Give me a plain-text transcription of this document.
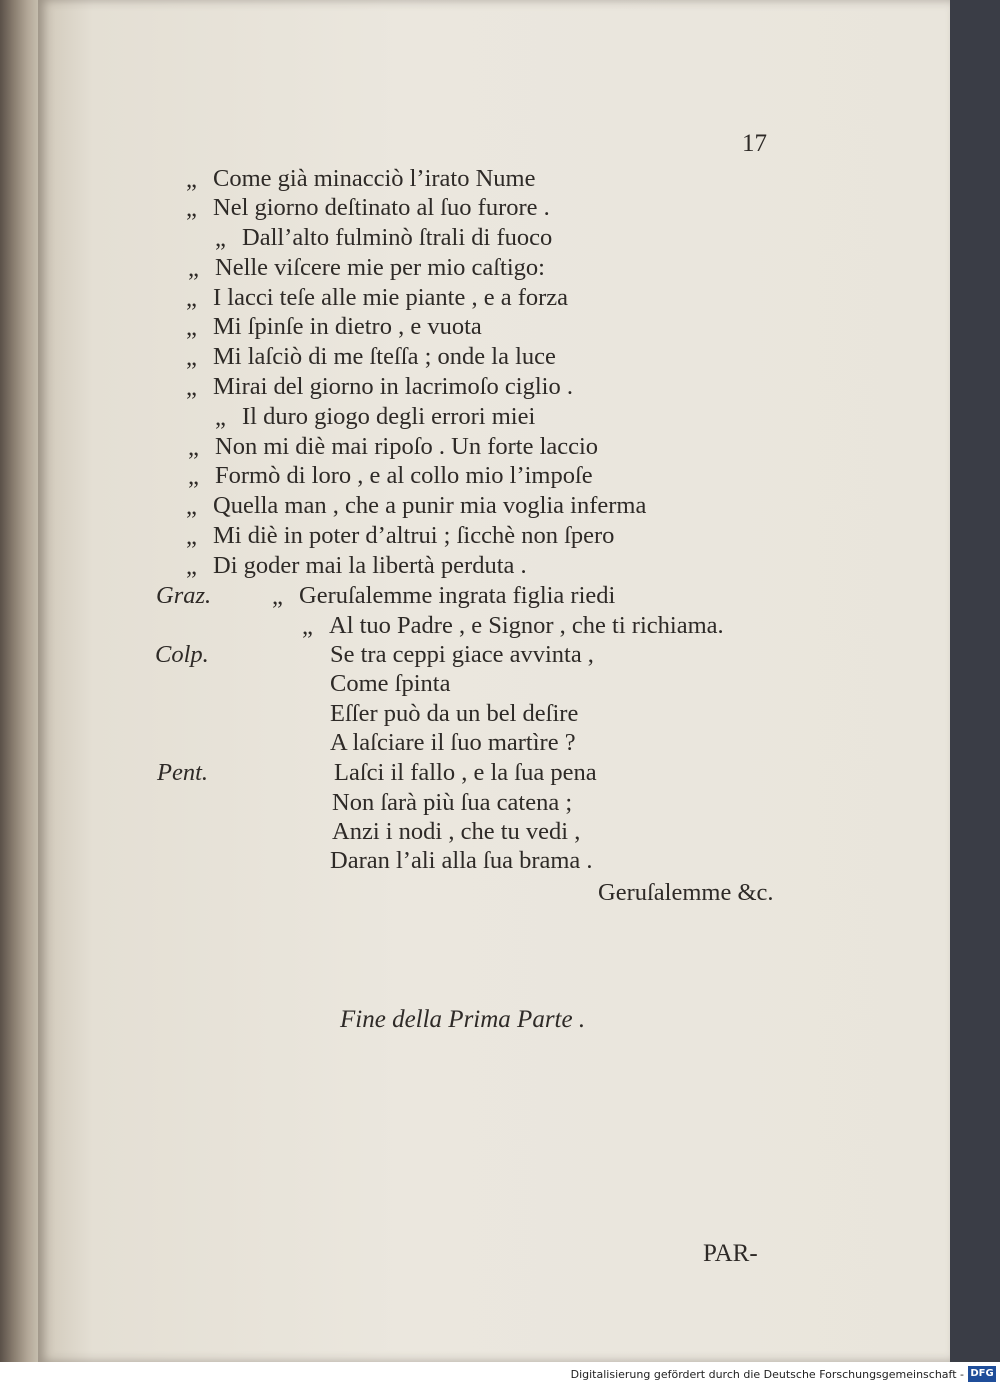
17
„ Come già minacciò l’irato Nume
„ Nel giorno deſtinato al ſuo furore .
„ Dall’alto fulminò ſtrali di fuoco
„ Nelle viſcere mie per mio caſtigo:
„ I lacci teſe alle mie piante , e a forza
„ Mi ſpinſe in dietro , e vuota
„ Mi laſciò di me ſteſſa ; onde la luce
„ Mirai del giorno in lacrimoſo ciglio .
„ Il duro giogo degli errori miei
„ Non mi diè mai ripoſo . Un forte laccio
„ Formò di loro , e al collo mio l’impoſe
„ Quella man , che a punir mia voglia inferma
„ Mi diè in poter d’altrui ; ſicchè non ſpero
„ Di goder mai la libertà perduta .
Graz. „ Geruſalemme ingrata figlia riedi
„ Al tuo Padre , e Signor , che ti richiama.
Colp.	Se tra ceppi giace avvinta ,
Come ſpinta
Eſſer può da un bel deſire
A laſciare il ſuo martìre ?
Pent.	Laſci il fallo , e la ſua pena
Non ſarà più ſua catena ;
Anzi i nodi , che tu vedi ,
Daran l’ali alla ſua brama .
Geruſalemme &c.
Fine della Prima Parte .
PAR-
Digitalisierung gefördert durch die Deutsche Forschungsgemeinschaft - DFG
